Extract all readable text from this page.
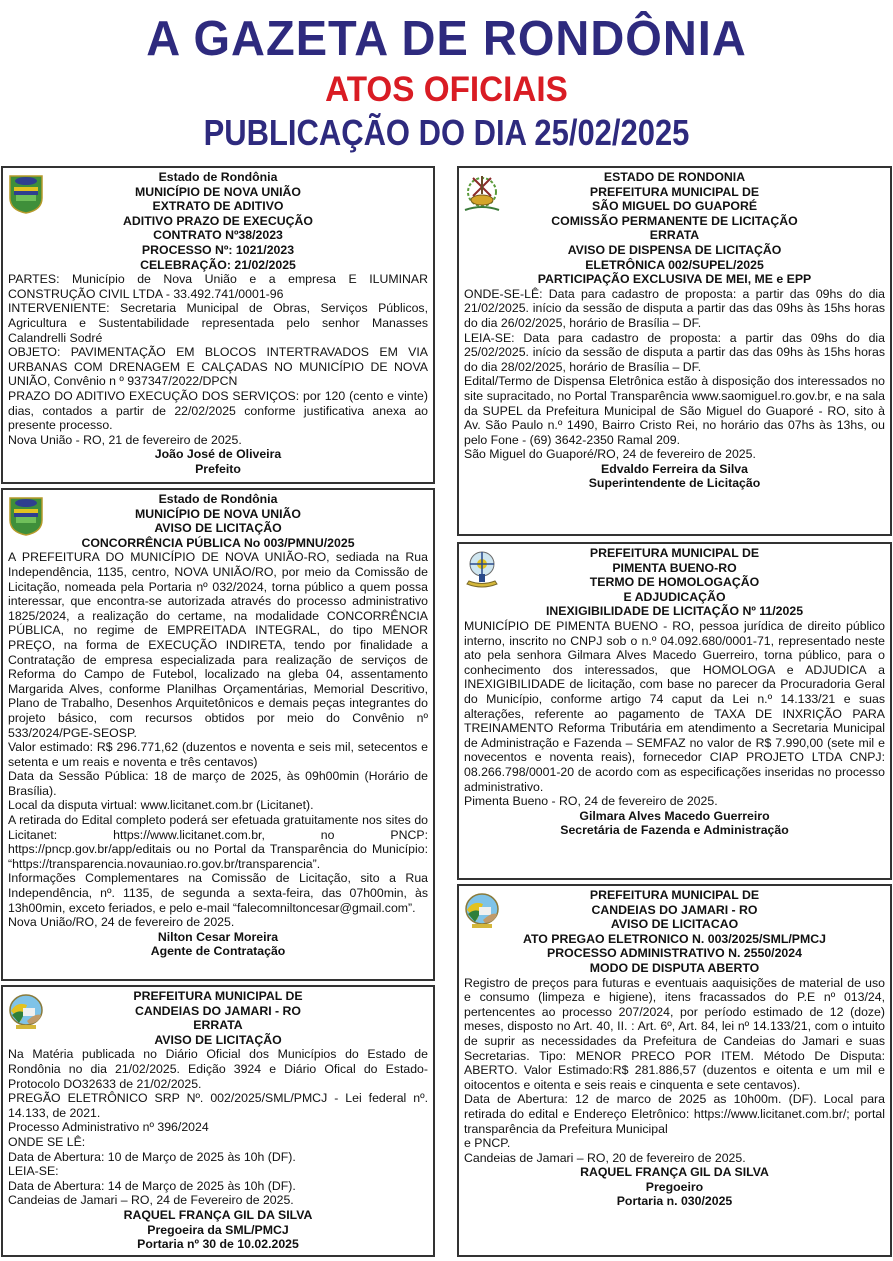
A GAZETA DE RONDÔNIA
ATOS OFICIAIS
PUBLICAÇÃO DO DIA 25/02/2025
Estado de Rondônia
MUNICÍPIO DE NOVA UNIÃO
EXTRATO DE ADITIVO
ADITIVO PRAZO DE EXECUÇÃO
CONTRATO Nº38/2023
PROCESSO Nº: 1021/2023
CELEBRAÇÃO: 21/02/2025

PARTES: Município de Nova União e a empresa E ILUMINAR CONSTRUÇÃO CIVIL LTDA - 33.492.741/0001-96

INTERVENIENTE: Secretaria Municipal de Obras, Serviços Públicos, Agricultura e Sustentabilidade representada pelo senhor Manasses Calandrelli Sodré

OBJETO: PAVIMENTAÇÃO EM BLOCOS INTERTRAVADOS EM VIA URBANAS COM DRENAGEM E CALÇADAS NO MUNICÍPIO DE NOVA UNIÃO, Convênio n º 937347/2022/DPCN

PRAZO DO ADITIVO EXECUÇÃO DOS SERVIÇOS: por 120 (cento e vinte) dias, contados a partir de 22/02/2025 conforme justificativa anexa ao presente processo.

Nova União - RO, 21 de fevereiro de 2025.

João José de Oliveira
Prefeito
Estado de Rondônia
MUNICÍPIO DE NOVA UNIÃO
AVISO DE LICITAÇÃO
CONCORRÊNCIA PÚBLICA No 003/PMNU/2025

A PREFEITURA DO MUNICÍPIO DE NOVA UNIÃO-RO, sediada na Rua Independência, 1135, centro, NOVA UNIÃO/RO, por meio da Comissão de Licitação, nomeada pela Portaria nº 032/2024, torna público a quem possa interessar, que encontra-se autorizada através do processo administrativo 1825/2024, a realização do certame, na modalidade CONCORRÊNCIA PÚBLICA, no regime de EMPREITADA INTEGRAL, do tipo MENOR PREÇO, na forma de EXECUÇÃO INDIRETA, tendo por finalidade a Contratação de empresa especializada para realização de serviços de Reforma do Campo de Futebol, localizado na gleba 04, assentamento Margarida Alves, conforme Planilhas Orçamentárias, Memorial Descritivo, Plano de Trabalho, Desenhos Arquitetônicos e demais peças integrantes do projeto básico, com recursos obtidos por meio do Convênio nº 533/2024/PGE-SEOSP.

Valor estimado: R$ 296.771,62 (duzentos e noventa e seis mil, setecentos e setenta e um reais e noventa e três centavos)

Data da Sessão Pública: 18 de março de 2025, às 09h00min (Horário de Brasília).

Local da disputa virtual: www.licitanet.com.br (Licitanet).

A retirada do Edital completo poderá ser efetuada gratuitamente nos sites do Licitanet: https://www.licitanet.com.br, no PNCP: https://pncp.gov.br/app/editais ou no Portal da Transparência do Município: “https://transparencia.novauniao.ro.gov.br/transparencia”.

Informações Complementares na Comissão de Licitação, sito a Rua Independência, nº. 1135, de segunda a sexta-feira, das 07h00min, às 13h00min, exceto feriados, e pelo e-mail “falecomniltoncesar@gmail.com”.

Nova União/RO, 24 de fevereiro de 2025.

Nilton Cesar Moreira
Agente de Contratação
PREFEITURA MUNICIPAL DE
CANDEIAS DO JAMARI - RO
ERRATA
AVISO DE LICITAÇÃO

Na Matéria publicada no Diário Oficial dos Municípios do Estado de Rondônia no dia 21/02/2025. Edição 3924 e Diário Ofical do Estado-Protocolo DO32633 de 21/02/2025.

PREGÃO ELETRÔNICO SRP Nº. 002/2025/SML/PMCJ - Lei federal nº. 14.133, de 2021.

Processo Administrativo nº 396/2024

ONDE SE LÊ:

Data de Abertura: 10 de Março de 2025 às 10h (DF).

LEIA-SE:

Data de Abertura: 14 de Março de 2025 às 10h (DF).

Candeias de Jamari – RO, 24 de Fevereiro de 2025.

RAQUEL FRANÇA GIL DA SILVA
Pregoeira da SML/PMCJ
Portaria nº 30 de 10.02.2025
ESTADO DE RONDONIA
PREFEITURA MUNICIPAL DE
SÃO MIGUEL DO GUAPORÉ
COMISSÃO PERMANENTE DE LICITAÇÃO
ERRATA
AVISO DE DISPENSA DE LICITAÇÃO
ELETRÔNICA 002/SUPEL/2025
PARTICIPAÇÃO EXCLUSIVA DE MEI, ME e EPP

ONDE-SE-LÊ: Data para cadastro de proposta: a partir das 09hs do dia 21/02/2025. início da sessão de disputa a partir das das 09hs às 15hs horas do dia 26/02/2025, horário de Brasília – DF.

LEIA-SE: Data para cadastro de proposta: a partir das 09hs do dia 25/02/2025. início da sessão de disputa a partir das das 09hs às 15hs horas do dia 28/02/2025, horário de Brasília – DF.

Edital/Termo de Dispensa Eletrônica estão à disposição dos interessados no site supracitado, no Portal Transparência www.saomiguel.ro.gov.br, e na sala da SUPEL da Prefeitura Municipal de São Miguel do Guaporé - RO, sito à Av. São Paulo n.º 1490, Bairro Cristo Rei, no horário das 07hs às 13hs, ou pelo Fone - (69) 3642-2350 Ramal 209.

São Miguel do Guaporé/RO, 24 de fevereiro de 2025.

Edvaldo Ferreira da Silva
Superintendente de Licitação
PREFEITURA MUNICIPAL DE
PIMENTA BUENO-RO
TERMO DE HOMOLOGAÇÃO
E ADJUDICAÇÃO
INEXIGIBILIDADE DE LICITAÇÃO Nº 11/2025

MUNICÍPIO DE PIMENTA BUENO - RO, pessoa jurídica de direito público interno, inscrito no CNPJ sob o n.º 04.092.680/0001-71, representado neste ato pela senhora Gilmara Alves Macedo Guerreiro, torna público, para o conhecimento dos interessados, que HOMOLOGA e ADJUDICA a INEXIGIBILIDADE de licitação, com base no parecer da Procuradoria Geral do Município, conforme artigo 74 caput da Lei n.º 14.133/21 e suas alterações, referente ao pagamento de TAXA DE INXRIÇÃO PARA TREINAMENTO Reforma Tributária em atendimento a Secretaria Municipal de Administração e Fazenda – SEMFAZ no valor de R$ 7.990,00 (sete mil e novecentos e noventa reais), fornecedor CIAP PROJETO LTDA CNPJ: 08.266.798/0001-20 de acordo com as especificações inseridas no processo administrativo.

Pimenta Bueno - RO, 24 de fevereiro de 2025.

Gilmara Alves Macedo Guerreiro
Secretária de Fazenda e Administração
PREFEITURA MUNICIPAL DE
CANDEIAS DO JAMARI - RO
AVISO DE LICITACAO
ATO PREGAO ELETRONICO N. 003/2025/SML/PMCJ
PROCESSO ADMINISTRATIVO N. 2550/2024
MODO DE DISPUTA ABERTO

Registro de preços para futuras e eventuais aaquisições de material de uso e consumo (limpeza e higiene), itens fracassados do P.E nº 013/24, pertencentes ao processo 207/2024, por período estimado de 12 (doze) meses, disposto no Art. 40, II. : Art. 6º, Art. 84, lei nº 14.133/21, com o intuito de suprir as necessidades da Prefeitura de Candeias do Jamari e suas Secretarias. Tipo: MENOR PRECO POR ITEM. Método De Disputa: ABERTO. Valor Estimado:R$ 281.886,57 (duzentos e oitenta e um mil e oitocentos e oitenta e seis reais e cinquenta e sete centavos).

Data de Abertura: 12 de marco de 2025 as 10h00m. (DF). Local para retirada do edital e Endereço Eletrônico: https://www.licitanet.com.br/; portal transparência da Prefeitura Municipal

e PNCP.

Candeias de Jamari – RO, 20 de fevereiro de 2025.

RAQUEL FRANÇA GIL DA SILVA
Pregoeiro
Portaria n. 030/2025
